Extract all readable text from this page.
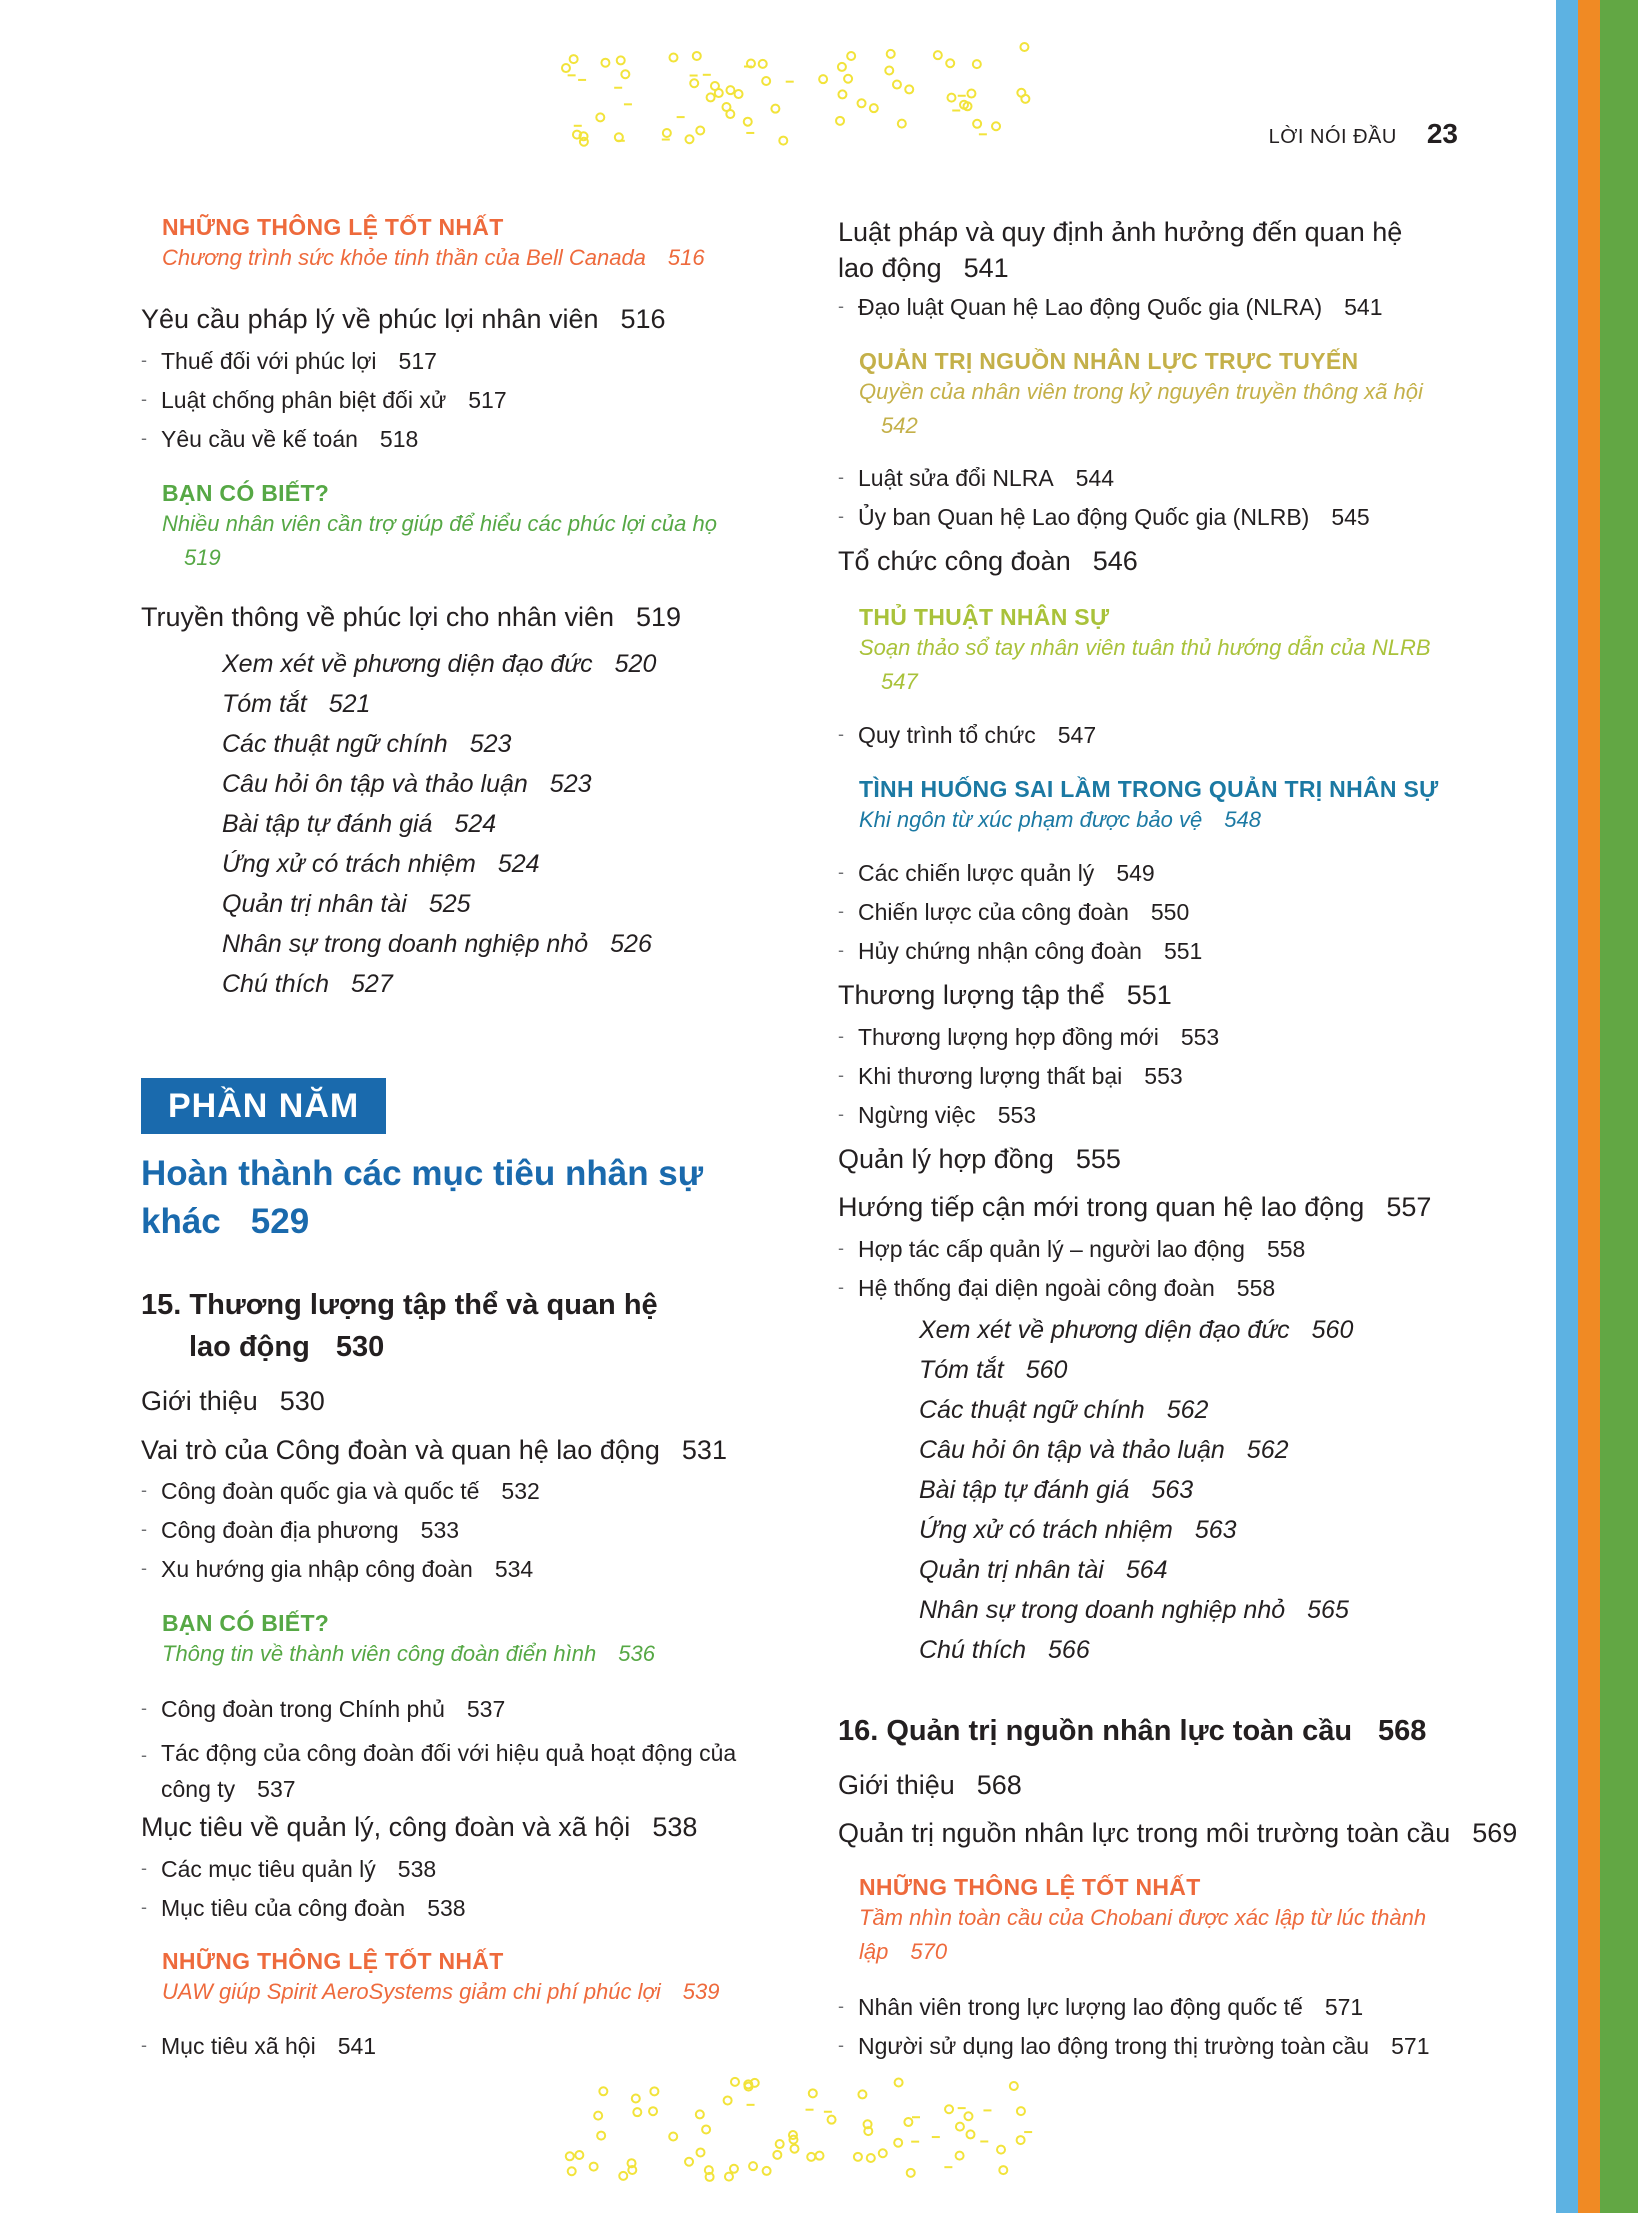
LỜI NÓI ĐẦU 23
NHỮNG THÔNG LỆ TỐT NHẤT
Chương trình sức khỏe tinh thần của Bell Canada 516
Yêu cầu pháp lý về phúc lợi nhân viên 516
- Thuế đối với phúc lợi 517
- Luật chống phân biệt đối xử 517
- Yêu cầu về kế toán 518
BẠN CÓ BIẾT?
Nhiều nhân viên cần trợ giúp để hiểu các phúc lợi của họ519
Truyền thông về phúc lợi cho nhân viên 519
Xem xét về phương diện đạo đức 520
Tóm tắt 521
Các thuật ngữ chính 523
Câu hỏi ôn tập và thảo luận 523
Bài tập tự đánh giá 524
Ứng xử có trách nhiệm 524
Quản trị nhân tài 525
Nhân sự trong doanh nghiệp nhỏ 526
Chú thích 527
PHẦN NĂM
Hoàn thành các mục tiêu nhân sự khác 529
15. Thương lượng tập thể và quan hệ
lao động 530
Giới thiệu 530
Vai trò của Công đoàn và quan hệ lao động 531
- Công đoàn quốc gia và quốc tế 532
- Công đoàn địa phương 533
- Xu hướng gia nhập công đoàn 534
BẠN CÓ BIẾT?
Thông tin về thành viên công đoàn điển hình 536
- Công đoàn trong Chính phủ 537
- Tác động của công đoàn đối với hiệu quả hoạt động của
công ty 537
Mục tiêu về quản lý, công đoàn và xã hội 538
- Các mục tiêu quản lý 538
- Mục tiêu của công đoàn 538
NHỮNG THÔNG LỆ TỐT NHẤT
UAW giúp Spirit AeroSystems giảm chi phí phúc lợi 539
- Mục tiêu xã hội 541
Luật pháp và quy định ảnh hưởng đến quan hệ lao động 541
- Đạo luật Quan hệ Lao động Quốc gia (NLRA) 541
QUẢN TRỊ NGUỒN NHÂN LỰC TRỰC TUYẾN
Quyền của nhân viên trong kỷ nguyên truyền thông xã hội542
- Luật sửa đổi NLRA 544
- Ủy ban Quan hệ Lao động Quốc gia (NLRB) 545
Tổ chức công đoàn 546
THỦ THUẬT NHÂN SỰ
Soạn thảo sổ tay nhân viên tuân thủ hướng dẫn của NLRB547
- Quy trình tổ chức 547
TÌNH HUỐNG SAI LẦM TRONG QUẢN TRỊ NHÂN SỰ
Khi ngôn từ xúc phạm được bảo vệ 548
- Các chiến lược quản lý 549
- Chiến lược của công đoàn 550
- Hủy chứng nhận công đoàn 551
Thương lượng tập thể 551
- Thương lượng hợp đồng mới 553
- Khi thương lượng thất bại 553
- Ngừng việc 553
Quản lý hợp đồng 555
Hướng tiếp cận mới trong quan hệ lao động 557
- Hợp tác cấp quản lý – người lao động 558
- Hệ thống đại diện ngoài công đoàn 558
Xem xét về phương diện đạo đức 560
Tóm tắt 560
Các thuật ngữ chính 562
Câu hỏi ôn tập và thảo luận 562
Bài tập tự đánh giá 563
Ứng xử có trách nhiệm 563
Quản trị nhân tài 564
Nhân sự trong doanh nghiệp nhỏ 565
Chú thích 566
16. Quản trị nguồn nhân lực toàn cầu 568
Giới thiệu 568
Quản trị nguồn nhân lực trong môi trường toàn cầu 569
NHỮNG THÔNG LỆ TỐT NHẤT
Tầm nhìn toàn cầu của Chobani được xác lập từ lúc thành lập 570
- Nhân viên trong lực lượng lao động quốc tế 571
- Người sử dụng lao động trong thị trường toàn cầu 571
